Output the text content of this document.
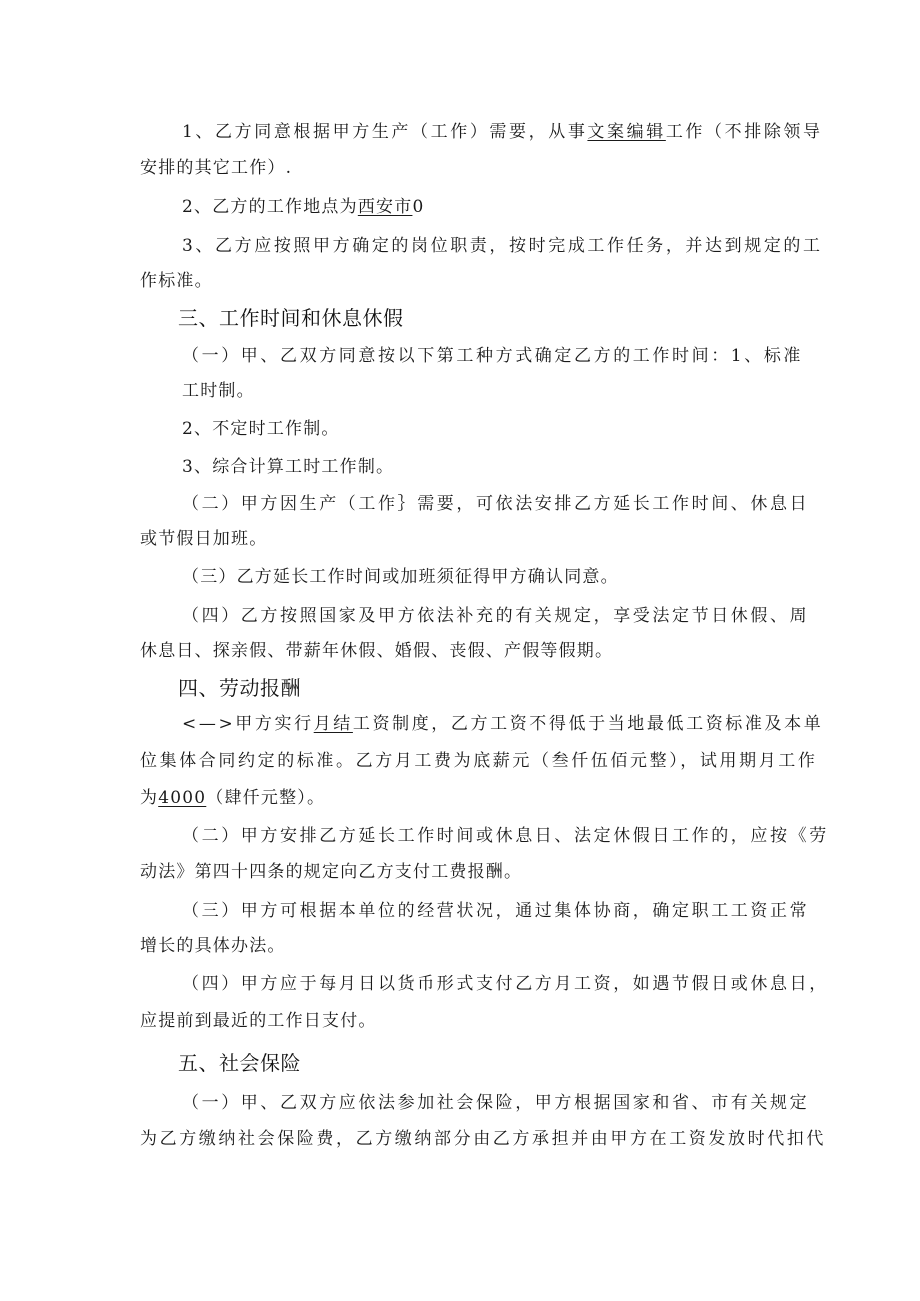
1、乙方同意根据甲方生产（工作）需要，从事文案编辑工作（不排除领导
安排的其它工作）.
2、乙方的工作地点为西安市0
3、乙方应按照甲方确定的岗位职责，按时完成工作任务，并达到规定的工
作标准。
三、工作时间和休息休假
（一）甲、乙双方同意按以下第工种方式确定乙方的工作时间：1、标准
工时制。
2、不定时工作制。
3、综合计算工时工作制。
（二）甲方因生产（工作｝需要，可依法安排乙方延长工作时间、休息日
或节假日加班。
（三）乙方延长工作时间或加班须征得甲方确认同意。
（四）乙方按照国家及甲方依法补充的有关规定，享受法定节日休假、周
休息日、探亲假、带薪年休假、婚假、丧假、产假等假期。
四、劳动报酬
<—>甲方实行月结工资制度，乙方工资不得低于当地最低工资标准及本单
位集体合同约定的标准。乙方月工费为底薪元（叁仟伍佰元整），试用期月工作
为4000（肆仟元整）。
（二）甲方安排乙方延长工作时间或休息日、法定休假日工作的，应按《劳
动法》第四十四条的规定向乙方支付工费报酬。
（三）甲方可根据本单位的经营状况，通过集体协商，确定职工工资正常
增长的具体办法。
（四）甲方应于每月日以货币形式支付乙方月工资，如遇节假日或休息日，
应提前到最近的工作日支付。
五、社会保险
（一）甲、乙双方应依法参加社会保险，甲方根据国家和省、市有关规定
为乙方缴纳社会保险费，乙方缴纳部分由乙方承担并由甲方在工资发放时代扣代
